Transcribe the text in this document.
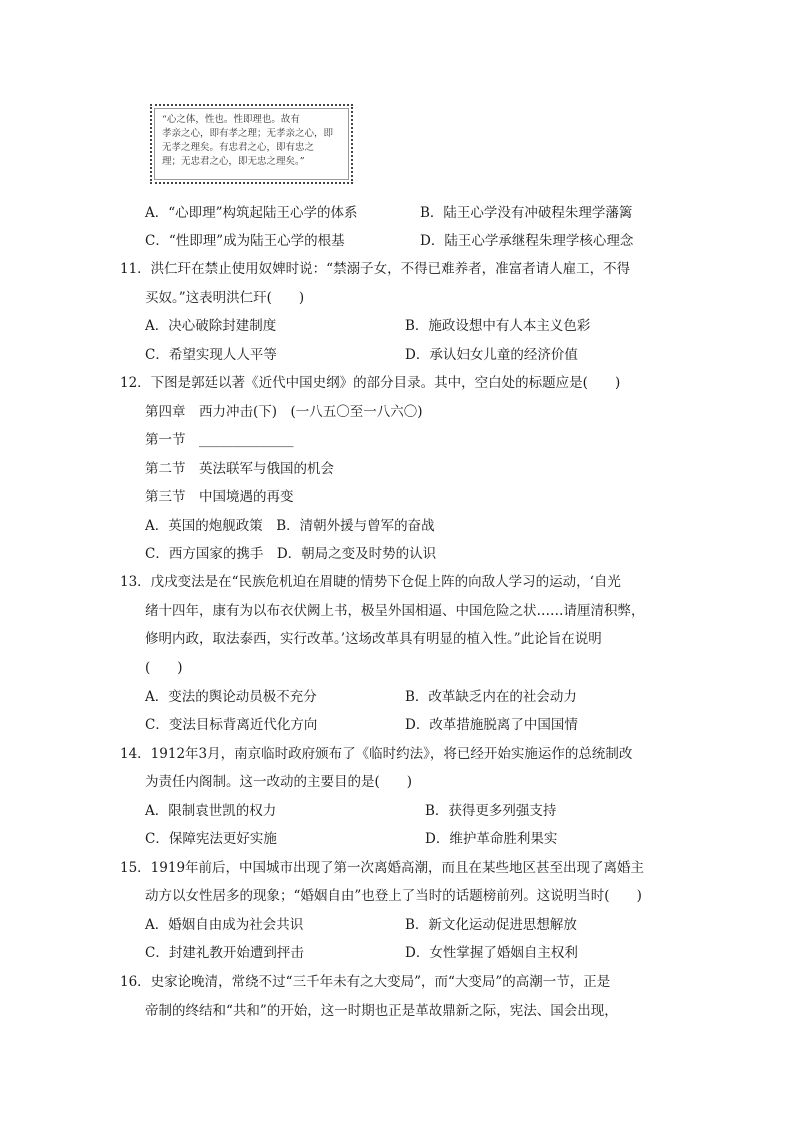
“心之体，性也。性即理也。故有
孝亲之心，即有孝之理；无孝亲之心，即
无孝之理矣。有忠君之心，即有忠之
理；无忠君之心，即无忠之理矣。”
A．“心即理”构筑起陆王心学的体系	B．陆王心学没有冲破程朱理学藩篱
C．“性即理”成为陆王心学的根基	D．陆王心学承继程朱理学核心理念
11．洪仁玕在禁止使用奴婢时说：“禁溺子女，不得已难养者，准富者请人雇工，不得
买奴。”这表明洪仁玕(　　)
A．决心破除封建制度	B．施政设想中有人本主义色彩
C．希望实现人人平等	D．承认妇女儿童的经济价值
12．下图是郭廷以著《近代中国史纲》的部分目录。其中，空白处的标题应是(　　)
第四章　西力冲击(下)　(一八五〇至一八六〇)
第一节　______________
第二节　英法联军与俄国的机会
第三节　中国境遇的再变
A．英国的炮舰政策　B．清朝外援与曾军的奋战
C．西方国家的携手　D．朝局之变及时势的认识
13．戊戌变法是在“民族危机迫在眉睫的情势下仓促上阵的向敌人学习的运动，‘自光
绪十四年，康有为以布衣伏阙上书，极呈外国相逼、中国危险之状……请厘清积弊，
修明内政，取法泰西，实行改革。’这场改革具有明显的植入性。”此论旨在说明
(　　)
A．变法的舆论动员极不充分	B．改革缺乏内在的社会动力
C．变法目标背离近代化方向	D．改革措施脱离了中国国情
14．1912年3月，南京临时政府颁布了《临时约法》，将已经开始实施运作的总统制改
为责任内阁制。这一改动的主要目的是(　　)
A．限制袁世凯的权力	B．获得更多列强支持
C．保障宪法更好实施	D．维护革命胜利果实
15．1919年前后，中国城市出现了第一次离婚高潮，而且在某些地区甚至出现了离婚主
动方以女性居多的现象；“婚姻自由”也登上了当时的话题榜前列。这说明当时(　　)
A．婚姻自由成为社会共识	B．新文化运动促进思想解放
C．封建礼教开始遭到抨击	D．女性掌握了婚姻自主权利
16．史家论晚清，常绕不过“三千年未有之大变局”，而“大变局”的高潮一节，正是
帝制的终结和“共和”的开始，这一时期也正是革故鼎新之际，宪法、国会出现，
